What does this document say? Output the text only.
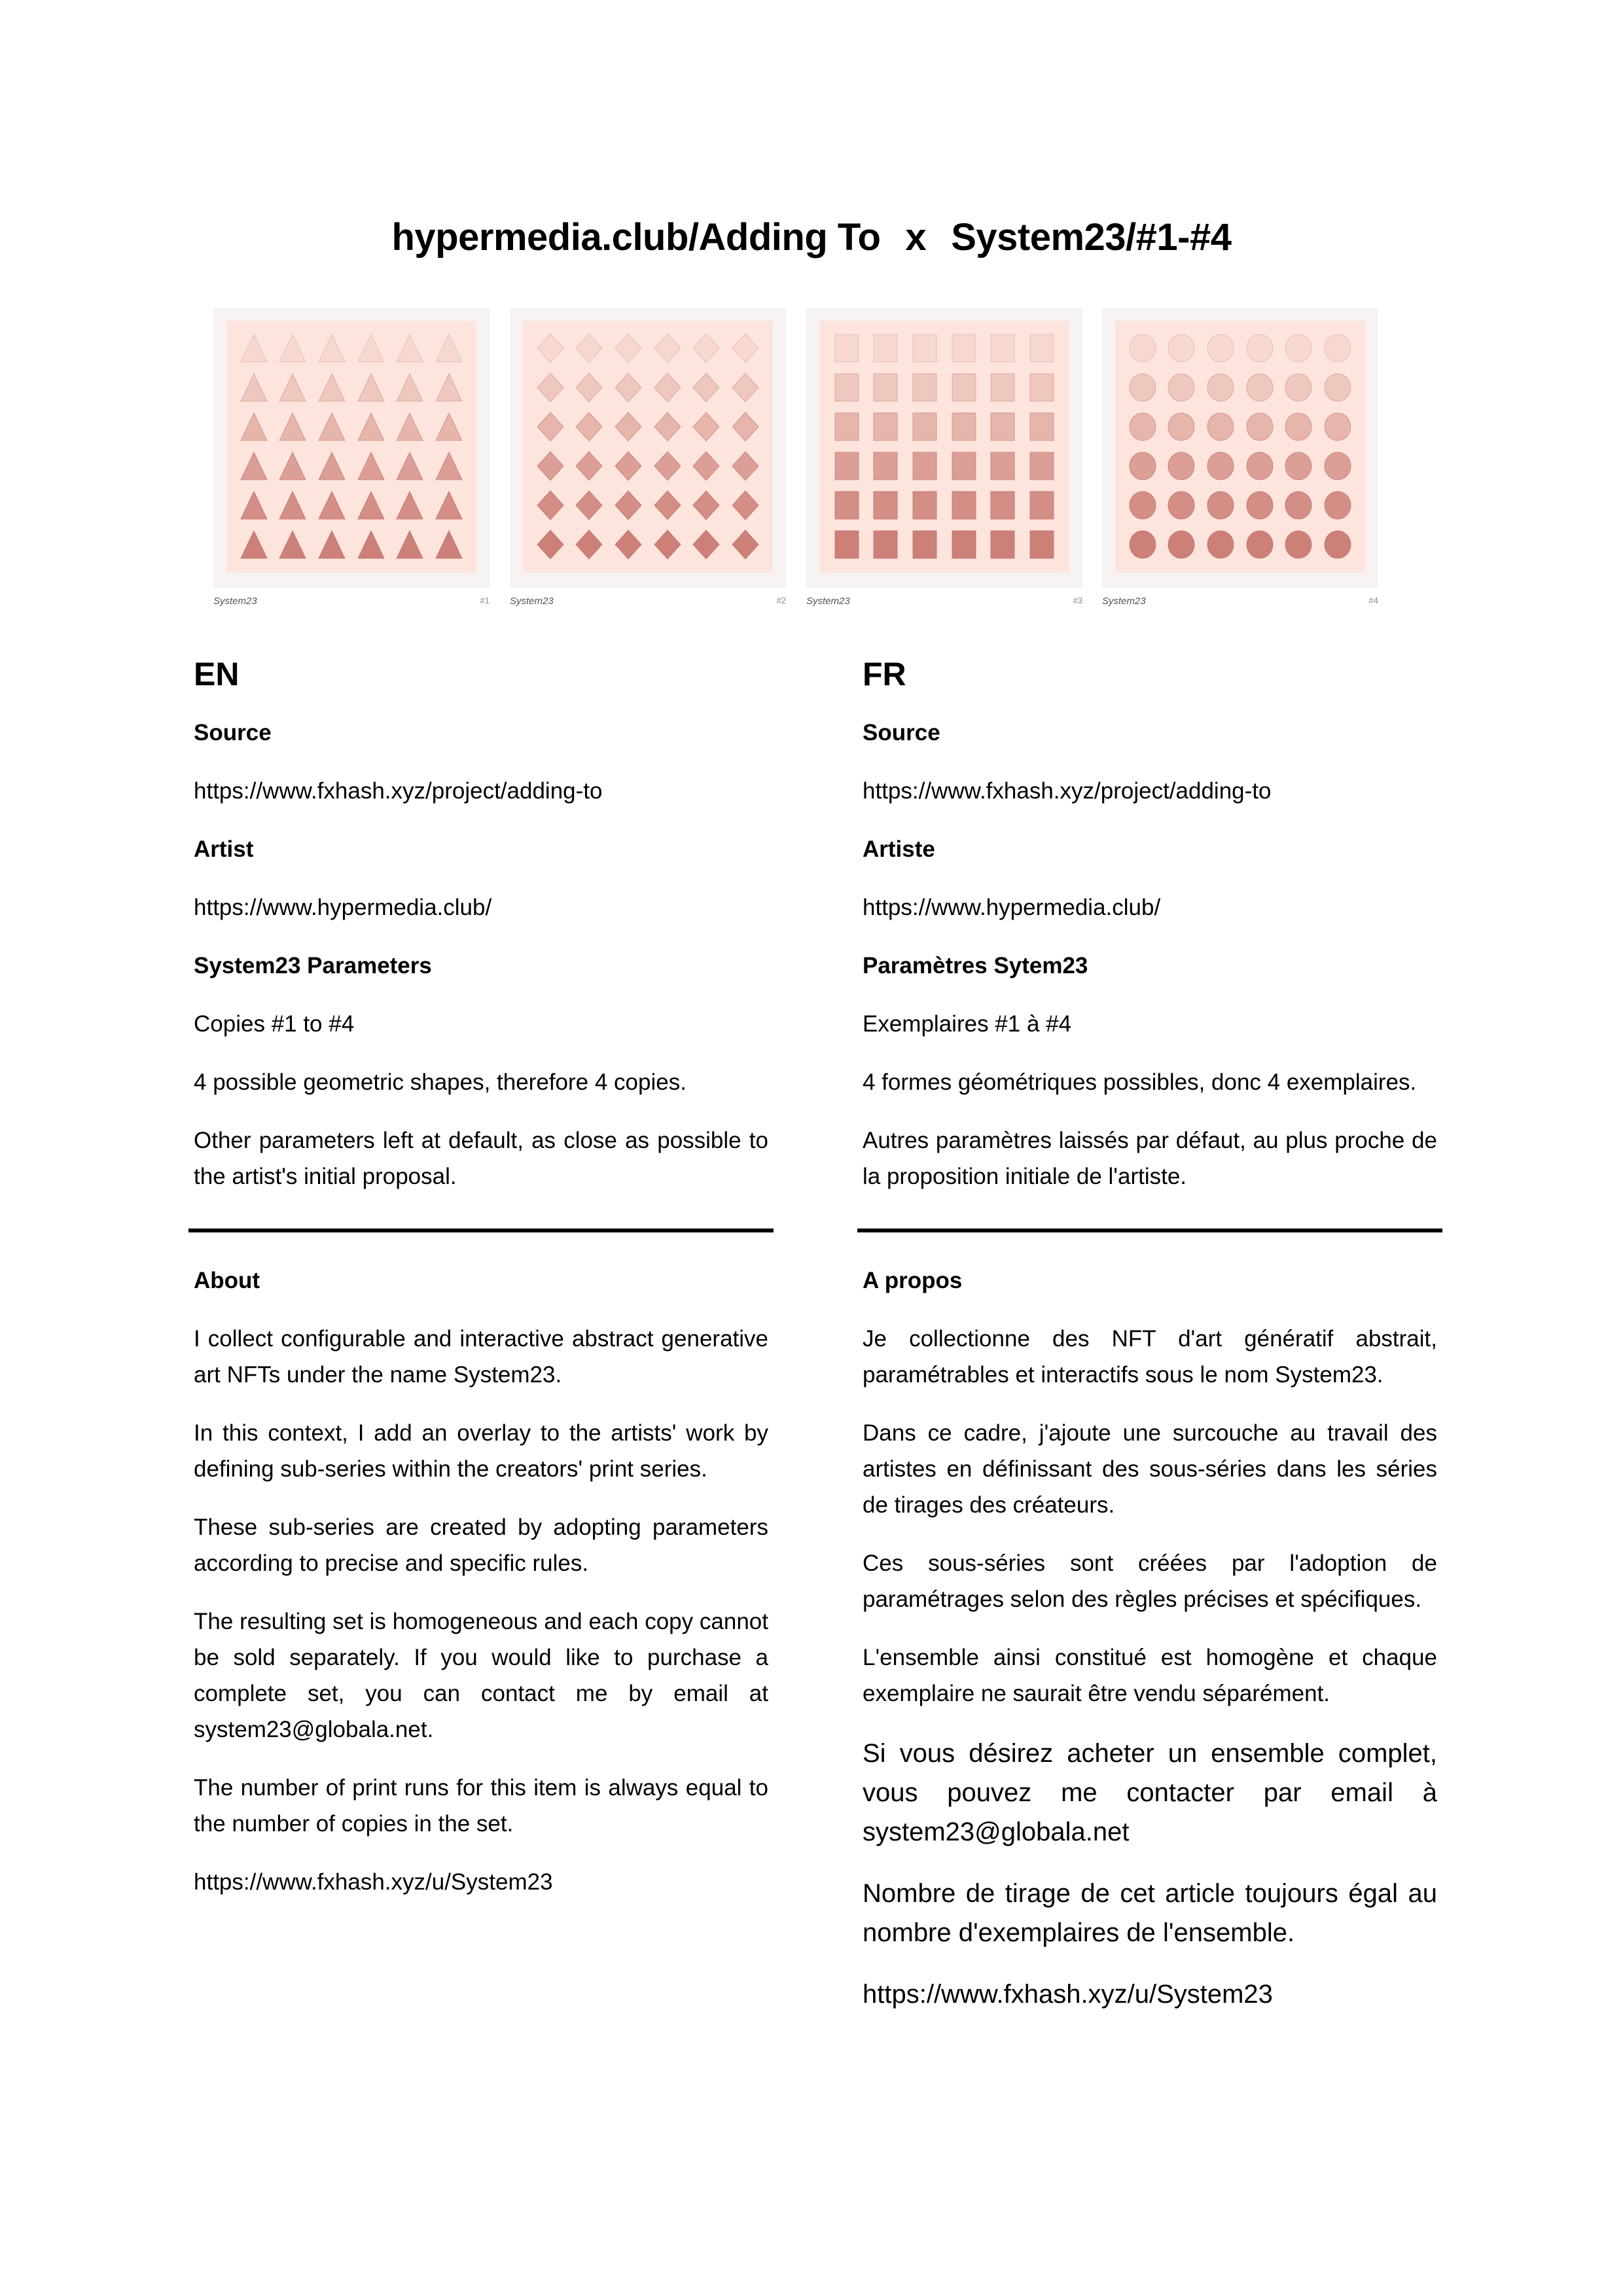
hypermedia.club/Adding To x System23/#1-#4
System23	#1 System23	#2 System23	#3 System23	#4
EN
Source
https://www.fxhash.xyz/project/adding-to
Artist
https://www.hypermedia.club/
System23 Parameters
Copies #1 to #4
4 possible geometric shapes, therefore 4 copies.
Other parameters left at default, as close as possible to the artist's initial proposal.
About
I collect configurable and interactive abstract generative art NFTs under the name System23.
In this context, I add an overlay to the artists' work by defining sub-series within the creators' print series.
These sub-series are created by adopting parameters according to precise and specific rules.
The resulting set is homogeneous and each copy cannot be sold separately. If you would like to purchase a complete set, you can contact me by email at system23@globala.net.
The number of print runs for this item is always equal to the number of copies in the set.
https://www.fxhash.xyz/u/System23
FR
Source
https://www.fxhash.xyz/project/adding-to
Artiste
https://www.hypermedia.club/
Paramètres Sytem23
Exemplaires #1 à #4
4 formes géométriques possibles, donc 4 exemplaires.
Autres paramètres laissés par défaut, au plus proche de la proposition initiale de l'artiste.
A propos
Je collectionne des NFT d'art génératif abstrait, paramétrables et interactifs sous le nom System23.
Dans ce cadre, j'ajoute une surcouche au travail des artistes en définissant des sous-séries dans les séries de tirages des créateurs.
Ces sous-séries sont créées par l'adoption de paramétrages selon des règles précises et spécifiques.
L'ensemble ainsi constitué est homogène et chaque exemplaire ne saurait être vendu séparément.
Si vous désirez acheter un ensemble complet, vous pouvez me contacter par email à system23@globala.net
Nombre de tirage de cet article toujours égal au nombre d'exemplaires de l'ensemble.
https://www.fxhash.xyz/u/System23
